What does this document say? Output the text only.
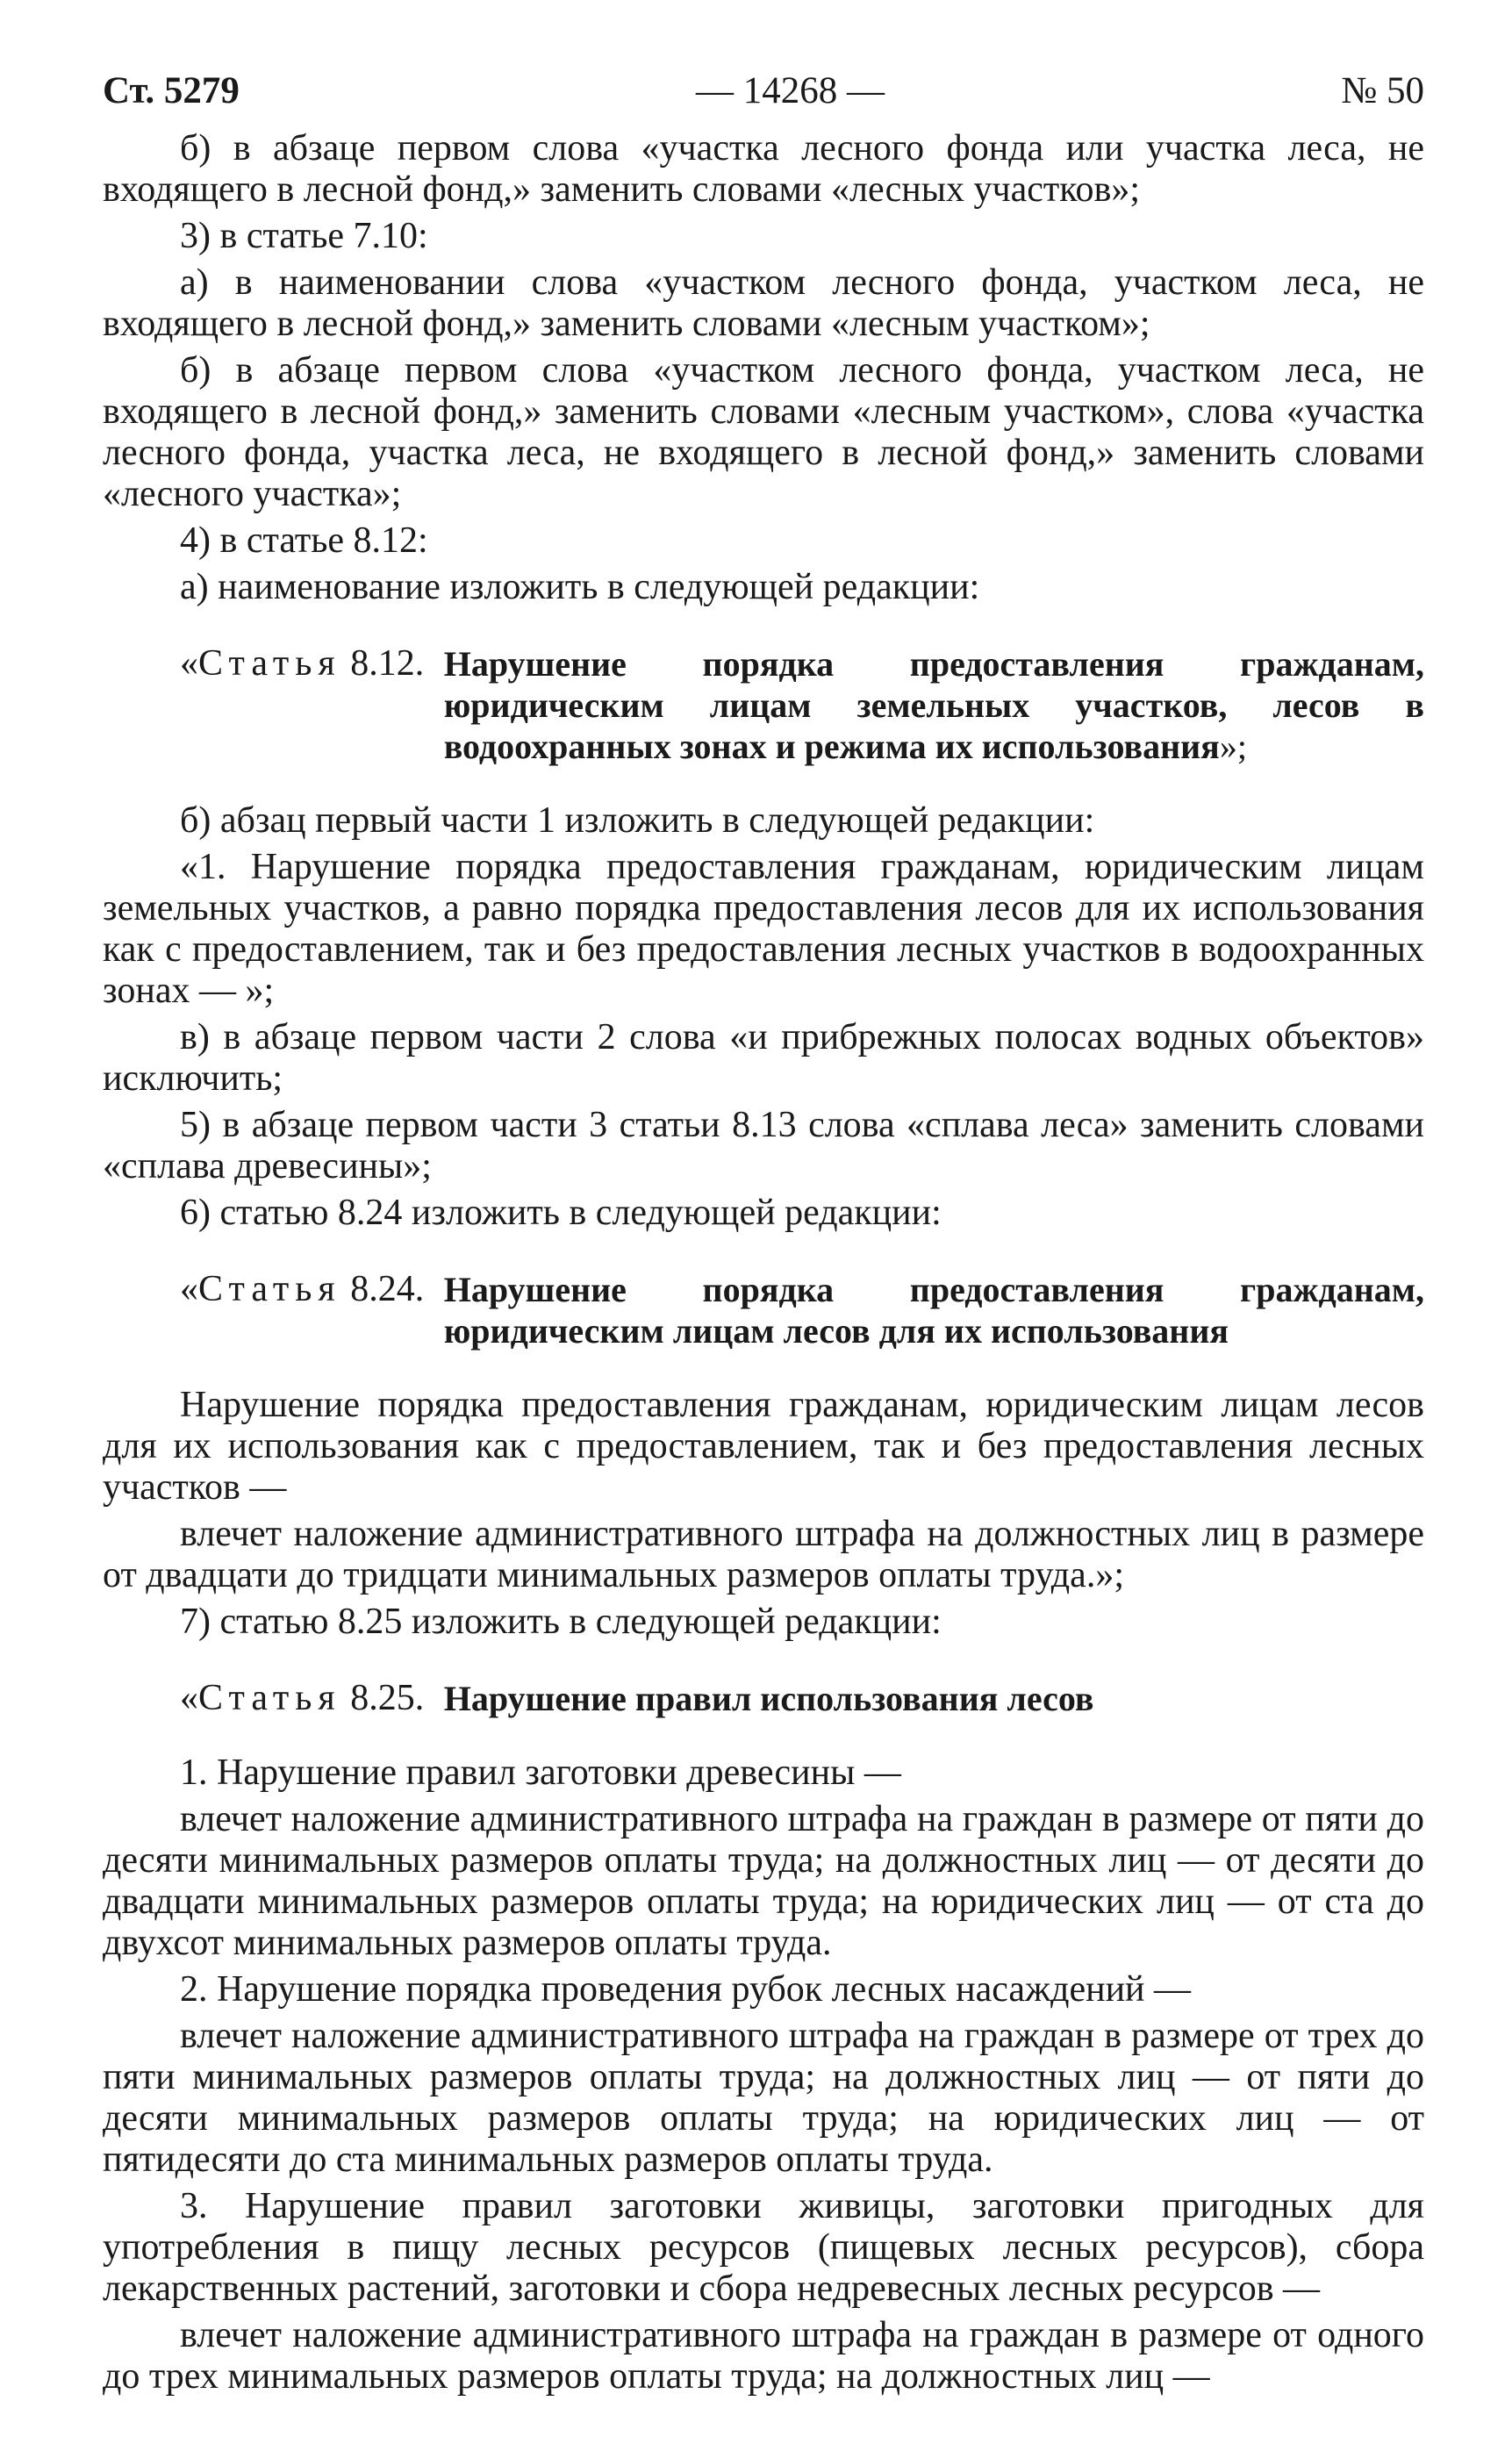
Ст. 5279	— 14268 —	№ 50

б) в абзаце первом слова «участка лесного фонда или участка леса, не входящего в лесной фонд,» заменить словами «лесных участков»;

3) в статье 7.10:

а) в наименовании слова «участком лесного фонда, участком леса, не входящего в лесной фонд,» заменить словами «лесным участком»;

б) в абзаце первом слова «участком лесного фонда, участком леса, не входящего в лесной фонд,» заменить словами «лесным участком», слова «участка лесного фонда, участка леса, не входящего в лесной фонд,» заменить словами «лесного участка»;

4) в статье 8.12:

а) наименование изложить в следующей редакции:

«Статья 8.12. Нарушение порядка предоставления гражданам, юридическим лицам земельных участков, лесов в водоохранных зонах и режима их использования»;

б) абзац первый части 1 изложить в следующей редакции:

«1. Нарушение порядка предоставления гражданам, юридическим лицам земельных участков, а равно порядка предоставления лесов для их использования как с предоставлением, так и без предоставления лесных участков в водоохранных зонах — »;

в) в абзаце первом части 2 слова «и прибрежных полосах водных объектов» исключить;

5) в абзаце первом части 3 статьи 8.13 слова «сплава леса» заменить словами «сплава древесины»;

6) статью 8.24 изложить в следующей редакции:

«Статья 8.24. Нарушение порядка предоставления гражданам, юридическим лицам лесов для их использования

Нарушение порядка предоставления гражданам, юридическим лицам лесов для их использования как с предоставлением, так и без предоставления лесных участков —

влечет наложение административного штрафа на должностных лиц в размере от двадцати до тридцати минимальных размеров оплаты труда.»;

7) статью 8.25 изложить в следующей редакции:

«Статья 8.25. Нарушение правил использования лесов

1. Нарушение правил заготовки древесины —

влечет наложение административного штрафа на граждан в размере от пяти до десяти минимальных размеров оплаты труда; на должностных лиц — от десяти до двадцати минимальных размеров оплаты труда; на юридических лиц — от ста до двухсот минимальных размеров оплаты труда.

2. Нарушение порядка проведения рубок лесных насаждений —

влечет наложение административного штрафа на граждан в размере от трех до пяти минимальных размеров оплаты труда; на должностных лиц — от пяти до десяти минимальных размеров оплаты труда; на юридических лиц — от пятидесяти до ста минимальных размеров оплаты труда.

3. Нарушение правил заготовки живицы, заготовки пригодных для употребления в пищу лесных ресурсов (пищевых лесных ресурсов), сбора лекарственных растений, заготовки и сбора недревесных лесных ресурсов —

влечет наложение административного штрафа на граждан в размере от одного до трех минимальных размеров оплаты труда; на должностных лиц —
